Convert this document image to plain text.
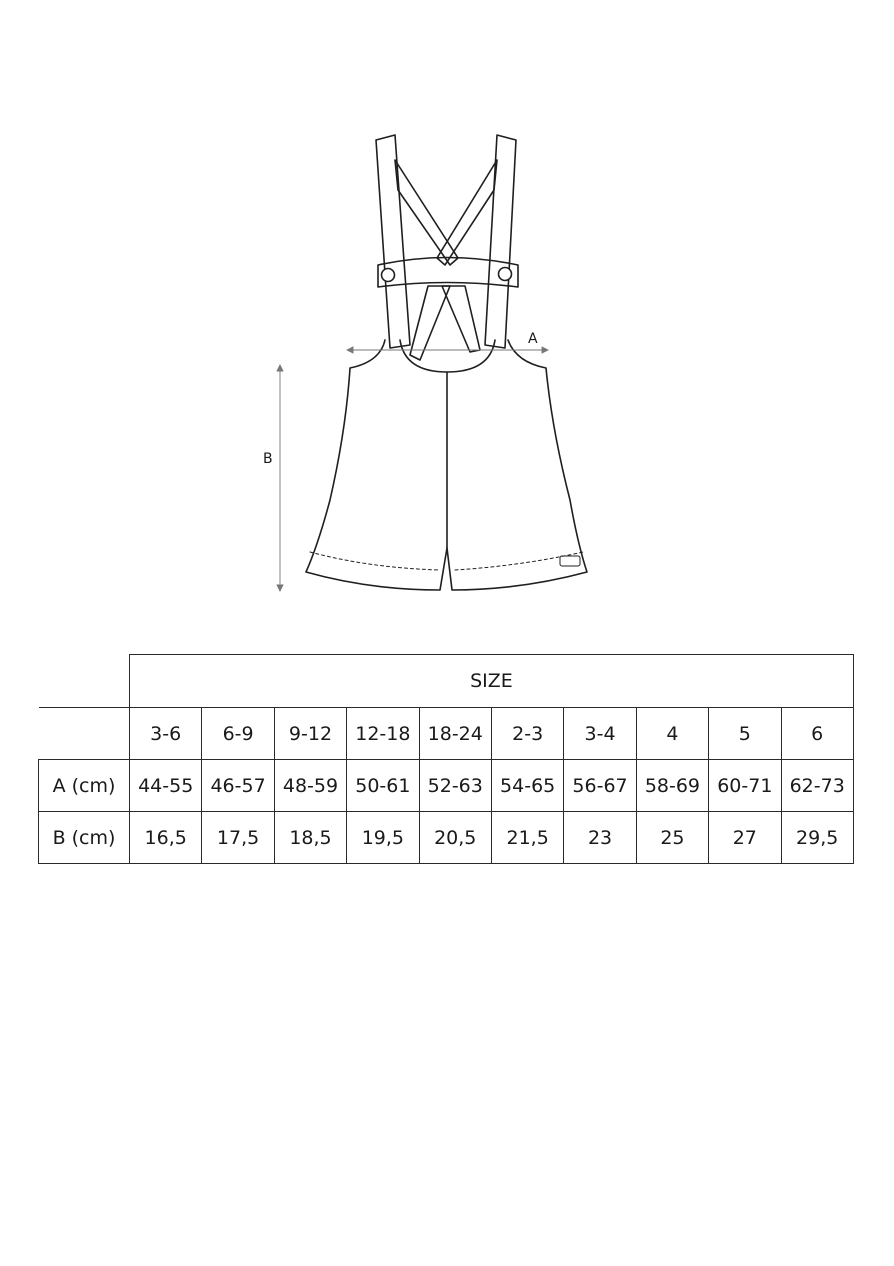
A
B
	SIZE									
	3-6	6-9	9-12	12-18	18-24	2-3	3-4	4	5	6
A (cm)	44-55	46-57	48-59	50-61	52-63	54-65	56-67	58-69	60-71	62-73
B (cm)	16,5	17,5	18,5	19,5	20,5	21,5	23	25	27	29,5
